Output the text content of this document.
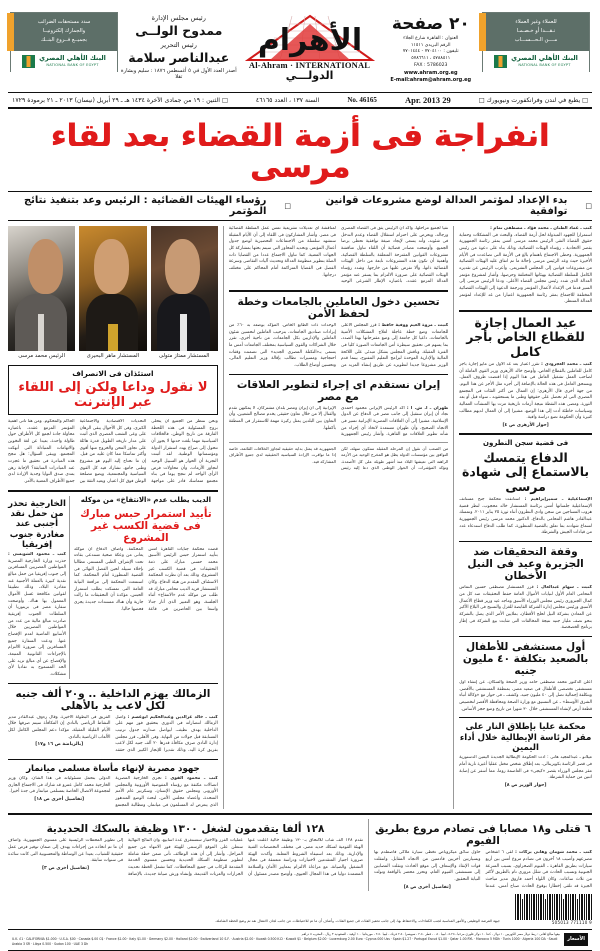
للعملاء وغير العملاء
نـقـــدا أو خـصـمـا
مــــن الـحـــســـاب
البنك الأهلي المصري
NATIONAL BANK OF EGYPT
٢٠ صفحة
العنوان : القاهرة شارع الجلاء
الرقم البريدي ١١٥١١
تليفون : ٧٧٠٤١٠٠ - ٧٧٠١٤٤٤
٥٧٨٨٥١١ ، ٥٧٨٦٦١١
FAX : 5786023
www.ahram.org.eg
E-mail:ahram@ahram.org.eg
الأهرام
Al-Ahram · INTERNATIONAL
الدولـــي
رئيس مجلس الإدارة
ممدوح الولــى
رئيس التحرير
عبدالناصر سلامة
أصدر العدد الأول في ٥ أغسطس ١٨٧٦ : سليم وبشارة تقلا
سدد مستحقات الضرائب
والجمارك إلكترونيــا
بجميــع فــروع البنــك
البنك الأهلي المصري
NATIONAL BANK OF EGYPT
□ يطبع في لندن وفرانكفورت ونيويورك □
29 Apr. 2013
No. 46165
السنة ١٣٧ ، العدد ٤٦١٦٥
□ الثنين : ١٩ من جمادى الآخرة ١٤٣٤ هـ ـ ٢٩ أبريل (نيسان) ٢٠١٣ ـ ٢١ برمودة ١٧٢٩
انفراجة فى أزمة القضاء بعد لقاء مرسى
□
بدء الإعداد لمؤتمر العدالة لوضع مشروعات قوانين توافقية
□
رؤساء الهيئات القضائية : الرئيس وعد بتنفيذ نتائج المؤتمر
كتب ـ عماد الطنان ـ محمد فؤاد ـ مصطفى تمام :
استمرارا للجهود المبذولة لحل أزمة القضاء، والبحث فى المشكلات وحماية حقوق القضاة التقى الرئيس محمد مرسى أمس بمقر رئاسة الجمهورية بقصر الاتحادية ـ رؤساء الهيئات القضائية، وذلك بناء على دعوة من رئيس الجمهورية. وحظى الاجتماع باهتمام بالغ فى الأزمة التى تصاعدت فى الأيام الأخيرة حيث وعد الرئيس مرسى بإحالة ما تم اتفاق عليه الهيئات القضائية من مشروعات قوانين إلى المجلس التشريعى. وأعرب الرئيس عن تقديره الكامل للسلطة القضائية بهيئاتها المختلفة وحرصها، وأشار لمشروع مؤتمر العدالة الذى شدد رئيس مجلس القضاء الأعلى. ودعا الرئيس مرسى إلى السير قدما فى الإعداد لأعمال المؤتمر وترجمة الدعوة إلى الهيئات القضائية المختلفة للاجتماع بمقر رئاسة الجمهورية اعتبارا من غد للإعداد لمؤتمر العدالة المنتظر.
عيد العمال إجازة للقطاع الخاص بأجر كامل
كتب ـ محمد العجرودى : تقرر اعتبار بعد غد الأول من مايو إجازة بأجر كامل للعاملين بالقطاع الخاص، وأوضح خالد الأزهرى وزير القوى العاملة أن لصاحب العمل تشغيل العامل فى هذا اليوم إذا اقتضت ظروف العمل، ويستحق العامل فى هذه الحالة بالإضافة إلى أجره مثل الأجر عن هذا اليوم. من جهة أخرى قال الأزهرى: إن العمال من أكثر الفئات فى المجتمع المصرى التى لم تحصل على حقوقها وطنى ما يستحقونه ـ سواء قبل أو بعد الثورة، ومضى هذه النقطة نتيجة أزمات تاريخية مرت بها المنشآت العمالية وسياسات خاطئة أدت إلى هذا الوضع، مشيرا إلى أن العمال لديهم مطالب كثيرة وأن الحكومة تضع دراسة وافية.
[حوار الأزهرى ص ٤]
فى قضية سجن النطرون
الدفاع يتمسك بالاستماع إلى شهادة مرسى
الإسماعيلية ـ سميرإبراهيم : استأنفت محكمة جنح مستأنف الإسماعيلية جلساتها أمس برئاسة المستشار خالد محجوب، لنظر قضية هروب المساجين من سجن وادى النطرون أثناء ثورة ٢٥ يناير ٢٠١١. وتمسك عبدالقادر هاشم المحامى بالدفاع، الدكتور محمد مرسى رئيس الجمهورية لسماع شهادته بما تعلق بالقضية المنظورة، كما طلب الدفاع استدعاء عدد من قيادات الجيش والشرطة.
وقفة التحقيقات ضد الجزيرة وعيد فى النيل الأخطان
كتبت ـ سهام عبدالعال : قرر المستشار مصطفى حسين النماس المحامى العام الأول لنيابات الأموال العامة حفظ التحقيقات ضد كل من كمال الجنزورى رئيس مجلس الوزراء الأسبق وماجد عيد وزير قطاع الأعمال الأسبق ورئيس مجلس إدارة الشركة القابضة للغزل والنسيج فى البلاغ الأكبر عن المعادن بشركة النيل لحلج الأقطان، بملايين الأمر الذى يصل بالشركة بنحو نصف مليار جنيه نتيجة المخالفات التى شابت بيع الشركة فى إطار برنامج الخصخصة.
أول مستشفى للأطفال بالصعيد بتكلفة ٤٠ مليون جنيه
أعلن الدكتور محمد مصطفى حامد وزير الصحة والسكان، عن إنشاء أول مستشفى تخصصى للأطفال فى صعيد مصر، بمنطقة المستشفى بالأقصر، وبتكلفة إجمالية تصل إلى ٤٠ مليون جنيه. وكشف ـ فى حوار مع «وكالة أنباء الشرق الأوسط» ـ عن التنسيق مع وزارة الصحة ومحافظة الأقصر لتخصيص قطعة أرض لإنشاء المستشفى خلال ٣٠ شهرا من تاريخ وضع حجر الأساس.
محكمة عليا بإطلاق النار على مقر الرئاسة الإيطالية خلال أداء اليمين
ميلانو ـ عبدالمجيد هانى : أدت الحكومة الإيطالية الجديدة اليمين الدستورية فى قصر الرئاسة بكويرينالى، بعد إطلاق شخص مختل عقليا أعيرة نارية أمام مقر مجلس الوزراء بقصر «كيجى» فى العاصمة روما، مما أسفر عن إصابة اثنين من حماية الشرطة.
[حوار الوزير ص ٨]
نفيا لجميع مراحلها، وأكد أن الرئيس يثق فى القضاء المصرى ورجاله، ويحرص على احترام استقلال القضاء وعدم التدخل فى شئونه، وأنه يسعى لإيجاد صيغة توافقية تحظى برضا الجميع. وأوضحت مصادر قضائية أن اللقاء تناول مناقشة مشروعات القوانين المقترحة المتعلقة بالسلطة القضائية، وأهمية أن تكون هذه المشروعات نابعة من داخل الهيئات القضائية ذاتها، وألا تفرض عليها من خارجها. وشدد رؤساء الهيئات القضائية على ضرورة الالتزام بما يسفر عنه مؤتمر العدالة المزمع عقده، باعتباره الإطار الشرعى الوحيد لمناقشة أى تعديلات تشريعية تمس عمل السلطة القضائية فى مصر. وأشار المشاركون فى اللقاء إلى أن الأيام المقبلة ستشهد سلسلة من الاجتماعات التحضيرية لوضع جدول أعمال المؤتمر، وتحديد المحاور التى سيتم بحثها بمشاركة كل الجهات المعنية. كما تناول الاجتماع عددا من القضايا ذات الصلة بتطوير منظومة العدالة وتحديث آليات التقاضى وسرعة الفصل فى القضايا المتراكمة أمام المحاكم على مختلف درجاتها.
تحسين دخول العاملين بالجامعات وخطة لحفظ الأمن
كتبت ـ مروة العيم ووفية حافظ : قرر المجلس الأعلى للجامعات وضع خطة عاجلة لعلاج المشكلات الأمنية بالجامعات، داعيا كل جامعة إلى وضع مقترحاتها بهذا الصدد، بما يسهم فى تحقيق سيطرة أمن الجامعات الصورة كليا فى الفترة المقبلة. وناقش المجلس بشكل مبدئى على اللائحة المالية والإدارية الموحدة لبرامج التعليم المفتوح، بينما قدم الوزير مشروعا جديدا لتطويره عن طريق إنشاء المزيد من الوحدات ذات الطابع الخاص. المؤكد بوضعه به ٦٠٪ من إيرادات صناديق الجامعات، بترحيب العاملين لتحسين شئون العاملين والإداريين بكل الجامعات، من ناحية أخرى، تقرر خلال الشراكات والقوى السياسية بمختلف الجامعات أمس ما يسمى بـ«التكتلة المصرى الجديد» التى تضمنت وقفات احتجاجية ومسيرات تطالب بإقالة وزير التعليم العالى، وتحسين أوضاع الطلاب.
إيران نستقدم اى إجراء لتطوير العلاقات مع مصر
طهران ـ أ. ش. أ : أكد الرئيس الإيرانى محمود أحمدى نجاد أن إيران ستقبل إلى جانب مصر فى الدفاع عن الدول الإسلامية، مشيرا إلى أن العلاقات المصرية الإيرانية تسير فى الاتجاه الصحيح، وأن طهران مستعدة لاتخاذ أى إجراء من شأنه تطوير العلاقات مع القاهرة. وأشار رئيس الجمهورية الإيرانية إلى أن إيران ومصر بلدان مشتركان، لا يمكنهن تقدم والقتال إلا من خلال تعاون حقيقى يخدم مصالح الشعبين، وأن التعاون بين البلدين يمثل ركيزة مهمة للاستقرار فى المنطقة بأكملها.
من الصعب أن نقول إن المرحلة المقبلة ستكون سهلة، لكن التوافق بين مؤسسات الدولة يظل هو المخرج الوحيد من الأزمة الراهنة التى تعيشها البلاد منذ أشهر طويلة على كل الأصعدة. وتؤكد المؤشرات أن الحوار الوطنى الذى دعا إليه رئيس الجمهورية قد يمثل بداية حقيقية لتجاوز الخلافات القائمة، خاصة إذا ما توافرت الإرادة السياسية الحقيقية لدى جميع الأطراف المشاركة فيه.
المستشار ممتاز متولى
المستشار ماهر البحيرى
الرئيس محمد مرسى
استئذان فى الانصراف
لا نقول وداعا ولكن إلى اللقاء عبر الإنترنت
ونحن ننتظر من الجميع أن يتحلى بروح المسئولية فى هذه اللحظة الفارقة من تاريخ الوطن، فالخلافات السياسية مهما بلغت حدتها لا يجوز أن تتحول إلى صراع يهدد استقرار الدولة ومؤسساتها الوطنية. لقد أثبتت التجربة أن الحوار هو السبيل الوحيد لتجاوز الأزمات، وأن محاولات فرض الرأى الواحد لم تنجح يوما فى بناء مجتمع متماسك قادر على مواجهة التحديات الاقتصادية والاجتماعية الكبرى. وفى كل الأحوال يبقى الرهان على وعى الشعب المصرى الذى أثبت على مدار تاريخه الطويل قدرة هائلة على تجاوز المحن والخروج منها أقوى وأكثر تماسكا مما كان عليه من قبل. إن ما نحتاج إليه اليوم هو مشروع وطنى جامع، تشارك فيه كل القوى السياسية والمجتمعية، ويضع مصلحة الوطن فوق كل اعتبار، ويعيد الثقة بين الحاكم والمحكوم. ومن هنا تأتى أهمية المؤتمر المزمع عقده، باعتباره محاولة جادة لجمع كل الأطراف حول طاولة واحدة، بعيدا عن لغة التخوين والاتهامات المتبادلة التى أنهكت المجتمع. ويبقى السؤال: هل تنجح هذه المبادرة فى تحقيق ما عجزت عنه المبادرات السابقة؟ الإجابة رهن بمدى صدق النوايا وجدية الإرادة لدى جميع الأطراف المعنية بالأمر.
الديب يطلب عدم «الانتفاخ» من موكله
تأييد استمرار حبس مبارك فى قضية الكسب غير المشروع
قضت محكمة جنايات القاهرة أمس بتأييد استمرار حبس الرئيس الأسبق محمد حسنى مبارك على ذمة التحقيقات فى قضية الكسب غير المشروع، وذلك بعد أن نظرت المحكمة الاستئناف المقدم من هيئة الدفاع. وكان المستشار فريد الديب محامى مبارك قد طلب من موكله عدم «الانتفاخ» أثناء الجلسة، وهو التعبير الذى أثار جدلا واسعا بين الحاضرين فى قاعة المحكمة. وأضاف الدفاع أن موكله يعانى من وعكة صحية تستدعى بقاءه تحت الإشراف الطبى المستمر، مطالبا بإخلاء سبيله لحين الفصل النهائى فى القضية المنظورة أمام المحكمة. كما استمعت المحكمة إلى مرافعة النيابة العامة التى تمسكت بطلب استمرار الحبس، مؤكدة أن التحقيقات ما زالت جارية وأن هناك مستندات جديدة يجرى فحصها حاليا.
الخارجية تحذر من حمل نقد أجنبى عند مغادرة جنوب إفريقيا
كتب ـ محمود الشوبسى : حذرت وزارة الخارجية المصرية المواطنين المصريين المسافرين إلى جنوب إفريقيا من حمل مبالغ نقدية كبيرة بالعملة الأجنبية عند مغادرة البلاد، وذلك تطبيقا لقوانين مكافحة غسل الأموال المعمول بها هناك. وأوضحت سفارة مصر فى بريتوريا أن السلطات الجنوب إفريقية صادرت مبالغ مالية من عدد من المواطنين المصريين خلال الأسابيع الماضية لعدم الإفصاح عنها. ودعت السفارة جميع المسافرين إلى ضرورة الالتزام بالإجراءات القانونية المتبعة، والإفصاح عن أى مبالغ تزيد على الحد المسموح به تفاديا لأى مشكلات.
الزمالك يهزم الداخلية .. و٢٠ ألف جنيه لكل لاعب يد بالأهلى
كتب ـ خالد عزالدين وعبدالحكيم أبوعضم : واصل الزمالك انتصاراته فى الدورى بتحقيق فوز مهم على الداخلية بهدف نظيف، ليواصل صدارته جدول ترتيب المسابقة قبل جولات من النهاية. وفى الأهلى، قرر مجلس إدارة النادى صرف مكافأة قدرها ٢٠ ألف جنيه لكل لاعب بفريق كرة اليد، وذلك تقديرا للإنجاز الكبير الذى حققه الفريق فى البطولة الأخيرة. وقال رءوف عبدالقادر مدير النشاط الرياضى بالنادى إن المكافأة سيتم صرفها خلال الأيام القليلة المقبلة، مؤكدا دعم المجلس الكامل لكل الألعاب الرياضية بالنادى.
[بالرياضة ص ١٦ و١٧]
جهود مصرية لإنهاء مأساة مسلمى ميانمار
كتب ـ محمود القوى : تجرى الخارجية المصرية اتصالات مكثفة مع رؤساء المفوضية الأوروبية والمجلس الأوروبى ومجلس حقوق الإنسان، وسكرتير عام الأمم المتحدة، وأعضاء مجلس الأمن، لبحث الوضع المتدهور الذى يتعرض له المسلمون فى ميانمار، ومطالبة المجتمع الدولى بتحمل مسئولياته فى هذا الشأن. وكان وزير الخارجية محمد كامل عمرو قد شارك فى الاجتماع الجارى لمجموعة الاتصال الخاصة بمسلمى ميانمار فى جدة أخيرا.
[تفاصيل أخرى ص ١٨]
٦ قتلى و١٨ مصابا فى تصادم مروع بطريق الفيوم
كتب ـ محمد شومان وهانى بركات : لقى ٦ أشخاص مصرعهم وأصيب ١٨ آخرون فى تصادم مروع أمس بين أربع سيارات بطريق القاهرة ـ الفيوم الصحراوى، بسبب السرعة الجنونية وتسبب الحادث فى شلل مرورى تام بالطريق لأكثر من ثلاث ساعات. وكان اللواء أحمد فاروق مدير مباحث الجيزة قد تلقى إخطارا بوقوع الحادث صباح أمس، عندما حاول سائق ميكروباص تخطى سيارة ملاكى فاصطدم بها وبسيارتين أخريين قادمتين من الاتجاه المقابل. وانتقلت قوات الإنقاذ والإسعاف إلى موقع الحادث ونقلت المصابين إلى مستشفى الفيوم العام، وتحرر محضر بالواقعة وتولت النيابة التحقيق.
[تفاصيل أخرى ص ٨]
١٢٨ ألفا يتقدمون لشغل ١٣٠٠ وظيفة بالسكك الحديدية
تقدم ١٢٨ ألف شاب للالتحاق بـ١٣٠٠ وظيفة خالية أعلنت عنها الهيئة القومية لسكك حديد مصر، فى مختلف التخصصات الفنية والإدارية، وذلك بعد استيفاء الشروط المعلنة. وأكدت الهيئة ضرورة اجتياز المتقدمين لاختبارات ودراسة متعمقة فى مجال التشغيل والصيانة، مع مراعاة الالتزام بمعايير الأمان والسلامة المعتمدة دوليا فى هذا المجال الحيوى. وأوضح مصدر مسئول أن عمليات الفرز والاختبار ستستغرق عدة أسابيع، وأن النتائج النهائية ستعلن على الموقع الرسمى للهيئة فور الانتهاء من جميع المراحل. وأشار إلى أن هذه الوظائف تأتى ضمن خطة شاملة لتطوير منظومة السكك الحديدية وتحسين مستوى الخدمة المقدمة للركاب فى جميع المحافظات. كما تشمل الخطة تحديث الجرارات والعربات القديمة، وإنشاء ورش صيانة جديدة، بالإضافة إلى تطوير المحطات الرئيسية على مستوى الجمهورية. وأضاف أن ما تم اتخاذه من إجراءات يهدف إلى ضمان توفير فرص عمل حقيقية للشباب، بعيدا عن الوساطة والمحسوبية التى كانت سائدة فى سنوات سابقة.
[تفاصيل أخرى ص ٣]
9 771110 505013
جبهة الفرصة الوظيفى والأمور المناسبة لجنب الكفاءات، والاحتفاظ بها، إلى جانب تحفيز الفئات فى جميع الفئات. وأضاف أن ما تم للاحتياطات عن جانب لجان الانتقال نقد تم وضع الخطة الشاملة.
الأسعار
بيعها مبالغ لقانى : ربط دولار مصر الكهربين ١٠ دولار ، كندا ١٠ دولار فلورى مرحبا ـ ٥.٢٥ ، ليبيا ٠.٥٠ ، قطر ٢.٥٠ ، سويسرا ٢.٥٠ فرنك ، ليبيا ٢.٥٠ ، موريتانيا ١٠٠ أوقية ، السعودية ٣ ريال ، المغرب ٥ دراهم
U.K. £1 · CALIFORNIA $1.000 · U.S.A. $00 · Canada $.00 C$ · France $1.00 · Italy $1.00 · Germany $2.00 · Holland $2.00 · Switzerland 10 S.F. · Austria $2.00 · Kuwait 0.500 K.D · Kuwait $1 · Belgium $2.00 · Luxemburg 2.00 Euro · Cyprus 000 Uss · Spain $1.27 · Portugal Escud $1.00 · Qatar 1.00 RYL · Morocco 5 MDh · Tunis 1000 · Algeria 100 DA · Saudi Arabia 3 SR · Libya 0.500 · Sudan 100 · UAE 3 Dh
